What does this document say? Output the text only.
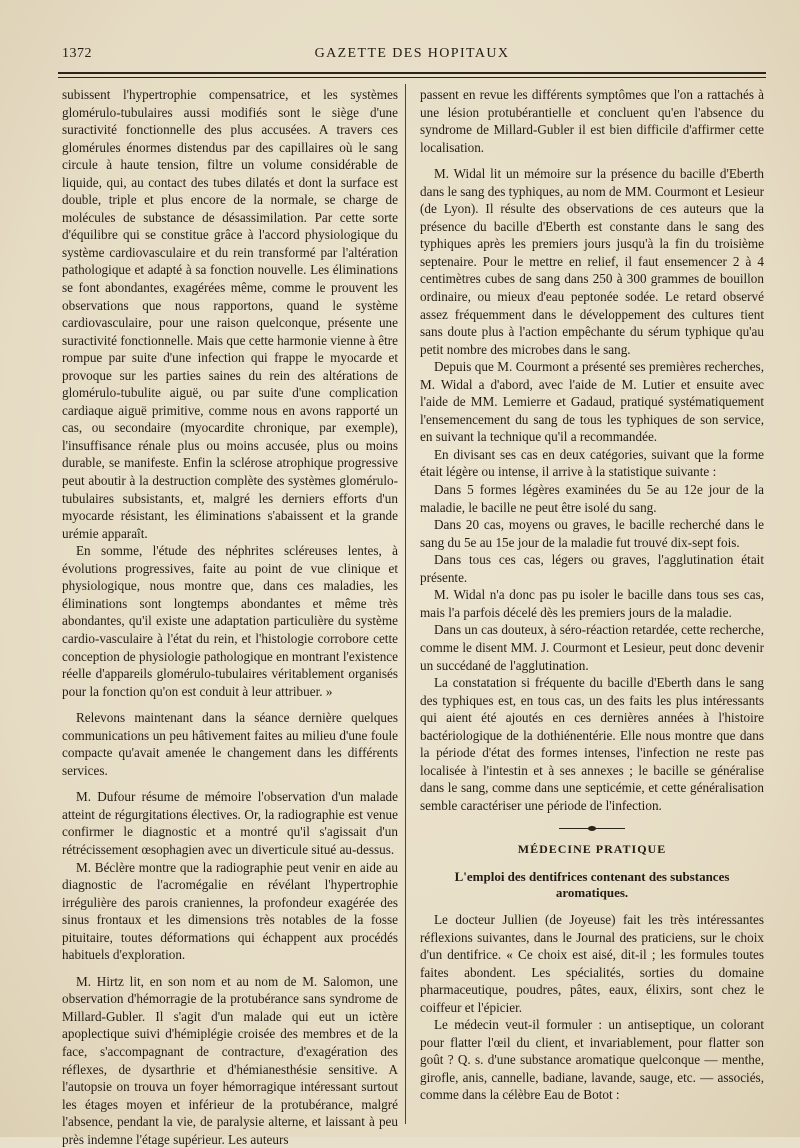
1372	GAZETTE DES HOPITAUX

subissent l'hypertrophie compensatrice, et les systèmes glomérulo-tubulaires aussi modifiés sont le siège d'une suractivité fonctionnelle des plus accusées. A travers ces glomérules énormes distendus par des capillaires où le sang circule à haute tension, filtre un volume considérable de liquide, qui, au contact des tubes dilatés et dont la surface est double, triple et plus encore de la normale, se charge de molécules de substance de désassimilation. Par cette sorte d'équilibre qui se constitue grâce à l'accord physiologique du système cardiovasculaire et du rein transformé par l'altération pathologique et adapté à sa fonction nouvelle. Les éliminations se font abondantes, exagérées même, comme le prouvent les observations que nous rapportons, quand le système cardiovasculaire, pour une raison quelconque, présente une suractivité fonctionnelle. Mais que cette harmonie vienne à être rompue par suite d'une infection qui frappe le myocarde et provoque sur les parties saines du rein des altérations de glomérulo-tubulite aiguë, ou par suite d'une complication cardiaque aiguë primitive, comme nous en avons rapporté un cas, ou secondaire (myocardite chronique, par exemple), l'insuffisance rénale plus ou moins accusée, plus ou moins durable, se manifeste. Enfin la sclérose atrophique progressive peut aboutir à la destruction complète des systèmes glomérulo-tubulaires subsistants, et, malgré les derniers efforts d'un myocarde résistant, les éliminations s'abaissent et la grande urémie apparaît.

En somme, l'étude des néphrites scléreuses lentes, à évolutions progressives, faite au point de vue clinique et physiologique, nous montre que, dans ces maladies, les éliminations sont longtemps abondantes et même très abondantes, qu'il existe une adaptation particulière du système cardio-vasculaire à l'état du rein, et l'histologie corrobore cette conception de physiologie pathologique en montrant l'existence réelle d'appareils glomérulo-tubulaires véritablement organisés pour la fonction qu'on est conduit à leur attribuer. »

Relevons maintenant dans la séance dernière quelques communications un peu hâtivement faites au milieu d'une foule compacte qu'avait amenée le changement dans les différents services.

M. Dufour résume de mémoire l'observation d'un malade atteint de régurgitations électives. Or, la radiographie est venue confirmer le diagnostic et a montré qu'il s'agissait d'un rétrécissement œsophagien avec un diverticule situé au-dessus.

M. Béclère montre que la radiographie peut venir en aide au diagnostic de l'acromégalie en révélant l'hypertrophie irrégulière des parois craniennes, la profondeur exagérée des sinus frontaux et les dimensions très notables de la fosse pituitaire, toutes déformations qui échappent aux procédés habituels d'exploration.

M. Hirtz lit, en son nom et au nom de M. Salomon, une observation d'hémorragie de la protubérance sans syndrome de Millard-Gubler. Il s'agit d'un malade qui eut un ictère apoplectique suivi d'hémiplégie croisée des membres et de la face, s'accompagnant de contracture, d'exagération des réflexes, de dysarthrie et d'hémianesthésie sensitive. A l'autopsie on trouva un foyer hémorragique intéressant surtout les étages moyen et inférieur de la protubérance, malgré l'absence, pendant la vie, de paralysie alterne, et laissant à peu près indemne l'étage supérieur. Les auteurs

passent en revue les différents symptômes que l'on a rattachés à une lésion protubérantielle et concluent qu'en l'absence du syndrome de Millard-Gubler il est bien difficile d'affirmer cette localisation.

M. Widal lit un mémoire sur la présence du bacille d'Eberth dans le sang des typhiques, au nom de MM. Courmont et Lesieur (de Lyon). Il résulte des observations de ces auteurs que la présence du bacille d'Eberth est constante dans le sang des typhiques après les premiers jours jusqu'à la fin du troisième septenaire. Pour le mettre en relief, il faut ensemencer 2 à 4 centimètres cubes de sang dans 250 à 300 grammes de bouillon ordinaire, ou mieux d'eau peptonée sodée. Le retard observé assez fréquemment dans le développement des cultures tient sans doute plus à l'action empêchante du sérum typhique qu'au petit nombre des microbes dans le sang.

Depuis que M. Courmont a présenté ses premières recherches, M. Widal a d'abord, avec l'aide de M. Lutier et ensuite avec l'aide de MM. Lemierre et Gadaud, pratiqué systématiquement l'ensemencement du sang de tous les typhiques de son service, en suivant la technique qu'il a recommandée.

En divisant ses cas en deux catégories, suivant que la forme était légère ou intense, il arrive à la statistique suivante :

Dans 5 formes légères examinées du 5e au 12e jour de la maladie, le bacille ne peut être isolé du sang.

Dans 20 cas, moyens ou graves, le bacille recherché dans le sang du 5e au 15e jour de la maladie fut trouvé dix-sept fois.

Dans tous ces cas, légers ou graves, l'agglutination était présente.

M. Widal n'a donc pas pu isoler le bacille dans tous ses cas, mais l'a parfois décelé dès les premiers jours de la maladie.

Dans un cas douteux, à séro-réaction retardée, cette recherche, comme le disent MM. J. Courmont et Lesieur, peut donc devenir un succédané de l'agglutination.

La constatation si fréquente du bacille d'Eberth dans le sang des typhiques est, en tous cas, un des faits les plus intéressants qui aient été ajoutés en ces dernières années à l'histoire bactériologique de la dothiénentérie. Elle nous montre que dans la période d'état des formes intenses, l'infection ne reste pas localisée à l'intestin et à ses annexes ; le bacille se généralise dans le sang, comme dans une septicémie, et cette généralisation semble caractériser une période de l'infection.

MÉDECINE PRATIQUE
L'emploi des dentifrices contenant des substances aromatiques.

Le docteur Jullien (de Joyeuse) fait les très intéressantes réflexions suivantes, dans le Journal des praticiens, sur le choix d'un dentifrice. « Ce choix est aisé, dit-il ; les formules toutes faites abondent. Les spécialités, sorties du domaine pharmaceutique, poudres, pâtes, eaux, élixirs, sont chez le coiffeur et l'épicier.

Le médecin veut-il formuler : un antiseptique, un colorant pour flatter l'œil du client, et invariablement, pour flatter son goût ? Q. s. d'une substance aromatique quelconque — menthe, girofle, anis, cannelle, badiane, lavande, sauge, etc. — associés, comme dans la célèbre Eau de Botot :
